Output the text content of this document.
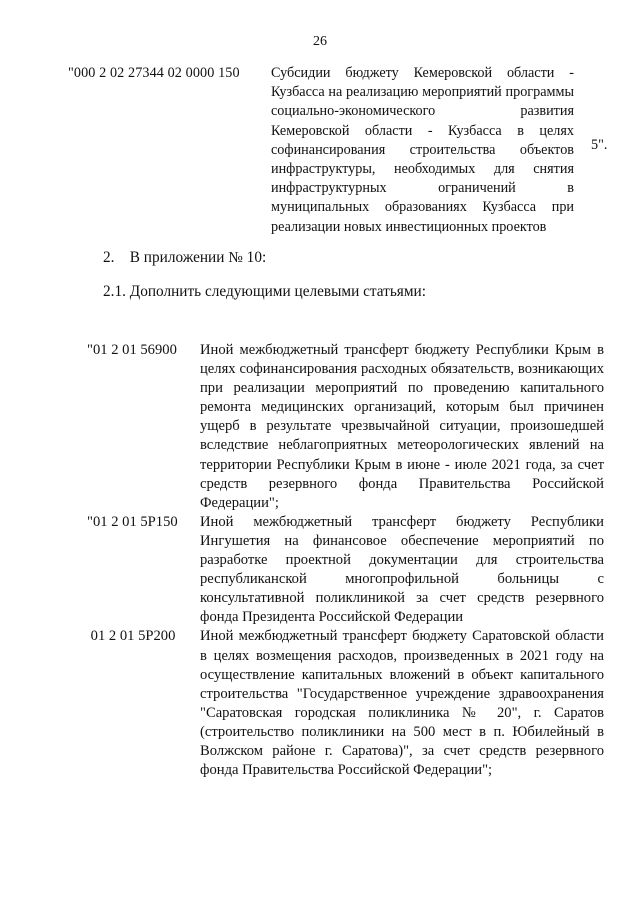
26
"000 2 02 27344 02 0000 150 Субсидии бюджету Кемеровской области - Кузбасса на реализацию мероприятий программы социально-экономического развития Кемеровской области - Кузбасса в целях софинансирования строительства объектов инфраструктуры, необходимых для снятия инфраструктурных ограничений в муниципальных образованиях Кузбасса при реализации новых инвестиционных проектов
5".
2.    В приложении № 10:
2.1. Дополнить следующими целевыми статьями:
"01 2 01 56900	Иной межбюджетный трансферт бюджету Республики Крым в целях софинансирования расходных обязательств, возникающих при реализации мероприятий по проведению капитального ремонта медицинских организаций, которым был причинен ущерб в результате чрезвычайной ситуации, произошедшей вследствие неблагоприятных метеорологических явлений на территории Республики Крым в июне - июле 2021 года, за счет средств резервного фонда Правительства Российской Федерации";
"01 2 01 5Р150	Иной межбюджетный трансферт бюджету Республики Ингушетия на финансовое обеспечение мероприятий по разработке проектной документации для строительства республиканской многопрофильной больницы с консультативной поликлиникой за счет средств резервного фонда Президента Российской Федерации
01 2 01 5Р200	Иной межбюджетный трансферт бюджету Саратовской области в целях возмещения расходов, произведенных в 2021 году на осуществление капитальных вложений в объект капитального строительства "Государственное учреждение здравоохранения "Саратовская городская поликлиника № 20", г. Саратов (строительство поликлиники на 500 мест в п. Юбилейный в Волжском районе г. Саратова)", за счет средств резервного фонда Правительства Российской Федерации";
